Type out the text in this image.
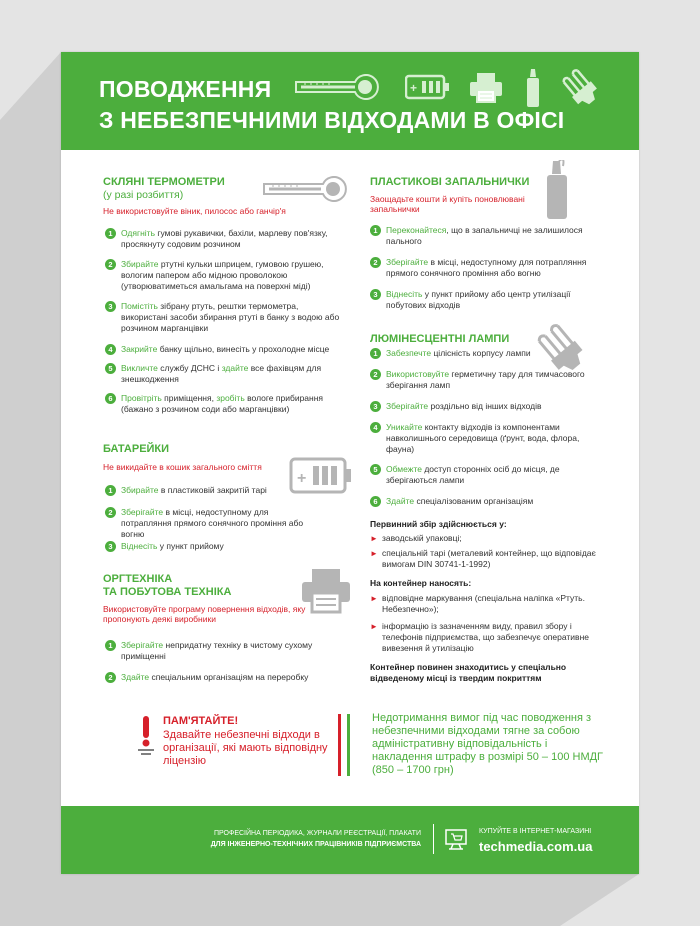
ПОВОДЖЕННЯ
З НЕБЕЗПЕЧНИМИ ВІДХОДАМИ В ОФІСІ
+
СКЛЯНІ ТЕРМОМЕТРИ
(у разі розбиття)
Не використовуйте віник, пилосос або ганчір'я
1 Одягніть гумові рукавички, бахіли, марлеву пов'язку, просякнуту содовим розчином
2 Збирайте ртутні кульки шприцем, гумовою грушею, вологим папером або мідною проволокою (утворюватиметься амальгама на поверхні міді)
3 Помістіть зібрану ртуть, рештки термометра, використані засоби збирання ртуті в банку з водою або розчином марганцівки
4 Закрийте банку щільно, винесіть у прохолодне місце
5 Викличте службу ДСНС і здайте все фахівцям для знешкодження
6 Провітріть приміщення, зробіть вологе прибирання (бажано з розчином соди або марганцівки)
БАТАРЕЙКИ
Не викидайте в кошик загального сміття
+
1 Збирайте в пластиковій закритій тарі
2 Зберігайте в місці, недоступному для потрапляння прямого сонячного проміння або вогню
3 Віднесіть у пункт прийому
ОРГТЕХНІКА
ТА ПОБУТОВА ТЕХНІКА
Використовуйте програму повернення відходів, яку пропонують деякі виробники
1 Зберігайте непридатну техніку в чистому сухому приміщенні
2 Здайте спеціальним організаціям на переробку
ПЛАСТИКОВІ ЗАПАЛЬНИЧКИ
Заощадьте кошти й купіть поновлювані запальнички
1 Переконайтеся, що в запальничці не залишилося пального
2 Зберігайте в місці, недоступному для потрапляння прямого сонячного проміння або вогню
3 Віднесіть у пункт прийому або центр утилізації побутових відходів
ЛЮМІНЕСЦЕНТНІ ЛАМПИ
1 Забезпечте цілісність корпусу лампи
2 Використовуйте герметичну тару для тимчасового зберігання ламп
3 Зберігайте роздільно від інших відходів
4 Уникайте контакту відходів із компонентами навколишнього середовища (ґрунт, вода, флора, фауна)
5 Обмежте доступ сторонніх осіб до місця, де зберігаються лампи
6 Здайте спеціалізованим організаціям
Первинний збір здійснюється у:
► заводській упаковці;
► спеціальній тарі (металевий контейнер, що відповідає вимогам DIN 30741-1-1992)
На контейнер наносять:
► відповідне маркування (спеціальна наліпка «Ртуть. Небезпечно»);
► інформацію із зазначенням виду, правил збору і телефонів підприємства, що забезпечує оперативне вивезення й утилізацію
Контейнер повинен знаходитись у спеціально відведеному місці із твердим покриттям
ПАМ'ЯТАЙТЕ!
Здавайте небезпечні відходи в організації, які мають відповідну ліцензію
Недотримання вимог під час поводження з небезпечними відходами тягне за собою адміністративну відповідальність і накладення штрафу в розмірі 50 – 100 НМДГ (850 – 1700 грн)
ПРОФЕСІЙНА ПЕРІОДИКА, ЖУРНАЛИ РЕЄСТРАЦІЇ, ПЛАКАТИ
ДЛЯ ІНЖЕНЕРНО-ТЕХНІЧНИХ ПРАЦІВНИКІВ ПІДПРИЄМСТВА
КУПУЙТЕ В ІНТЕРНЕТ-МАГАЗИНІ
techmedia.com.ua
